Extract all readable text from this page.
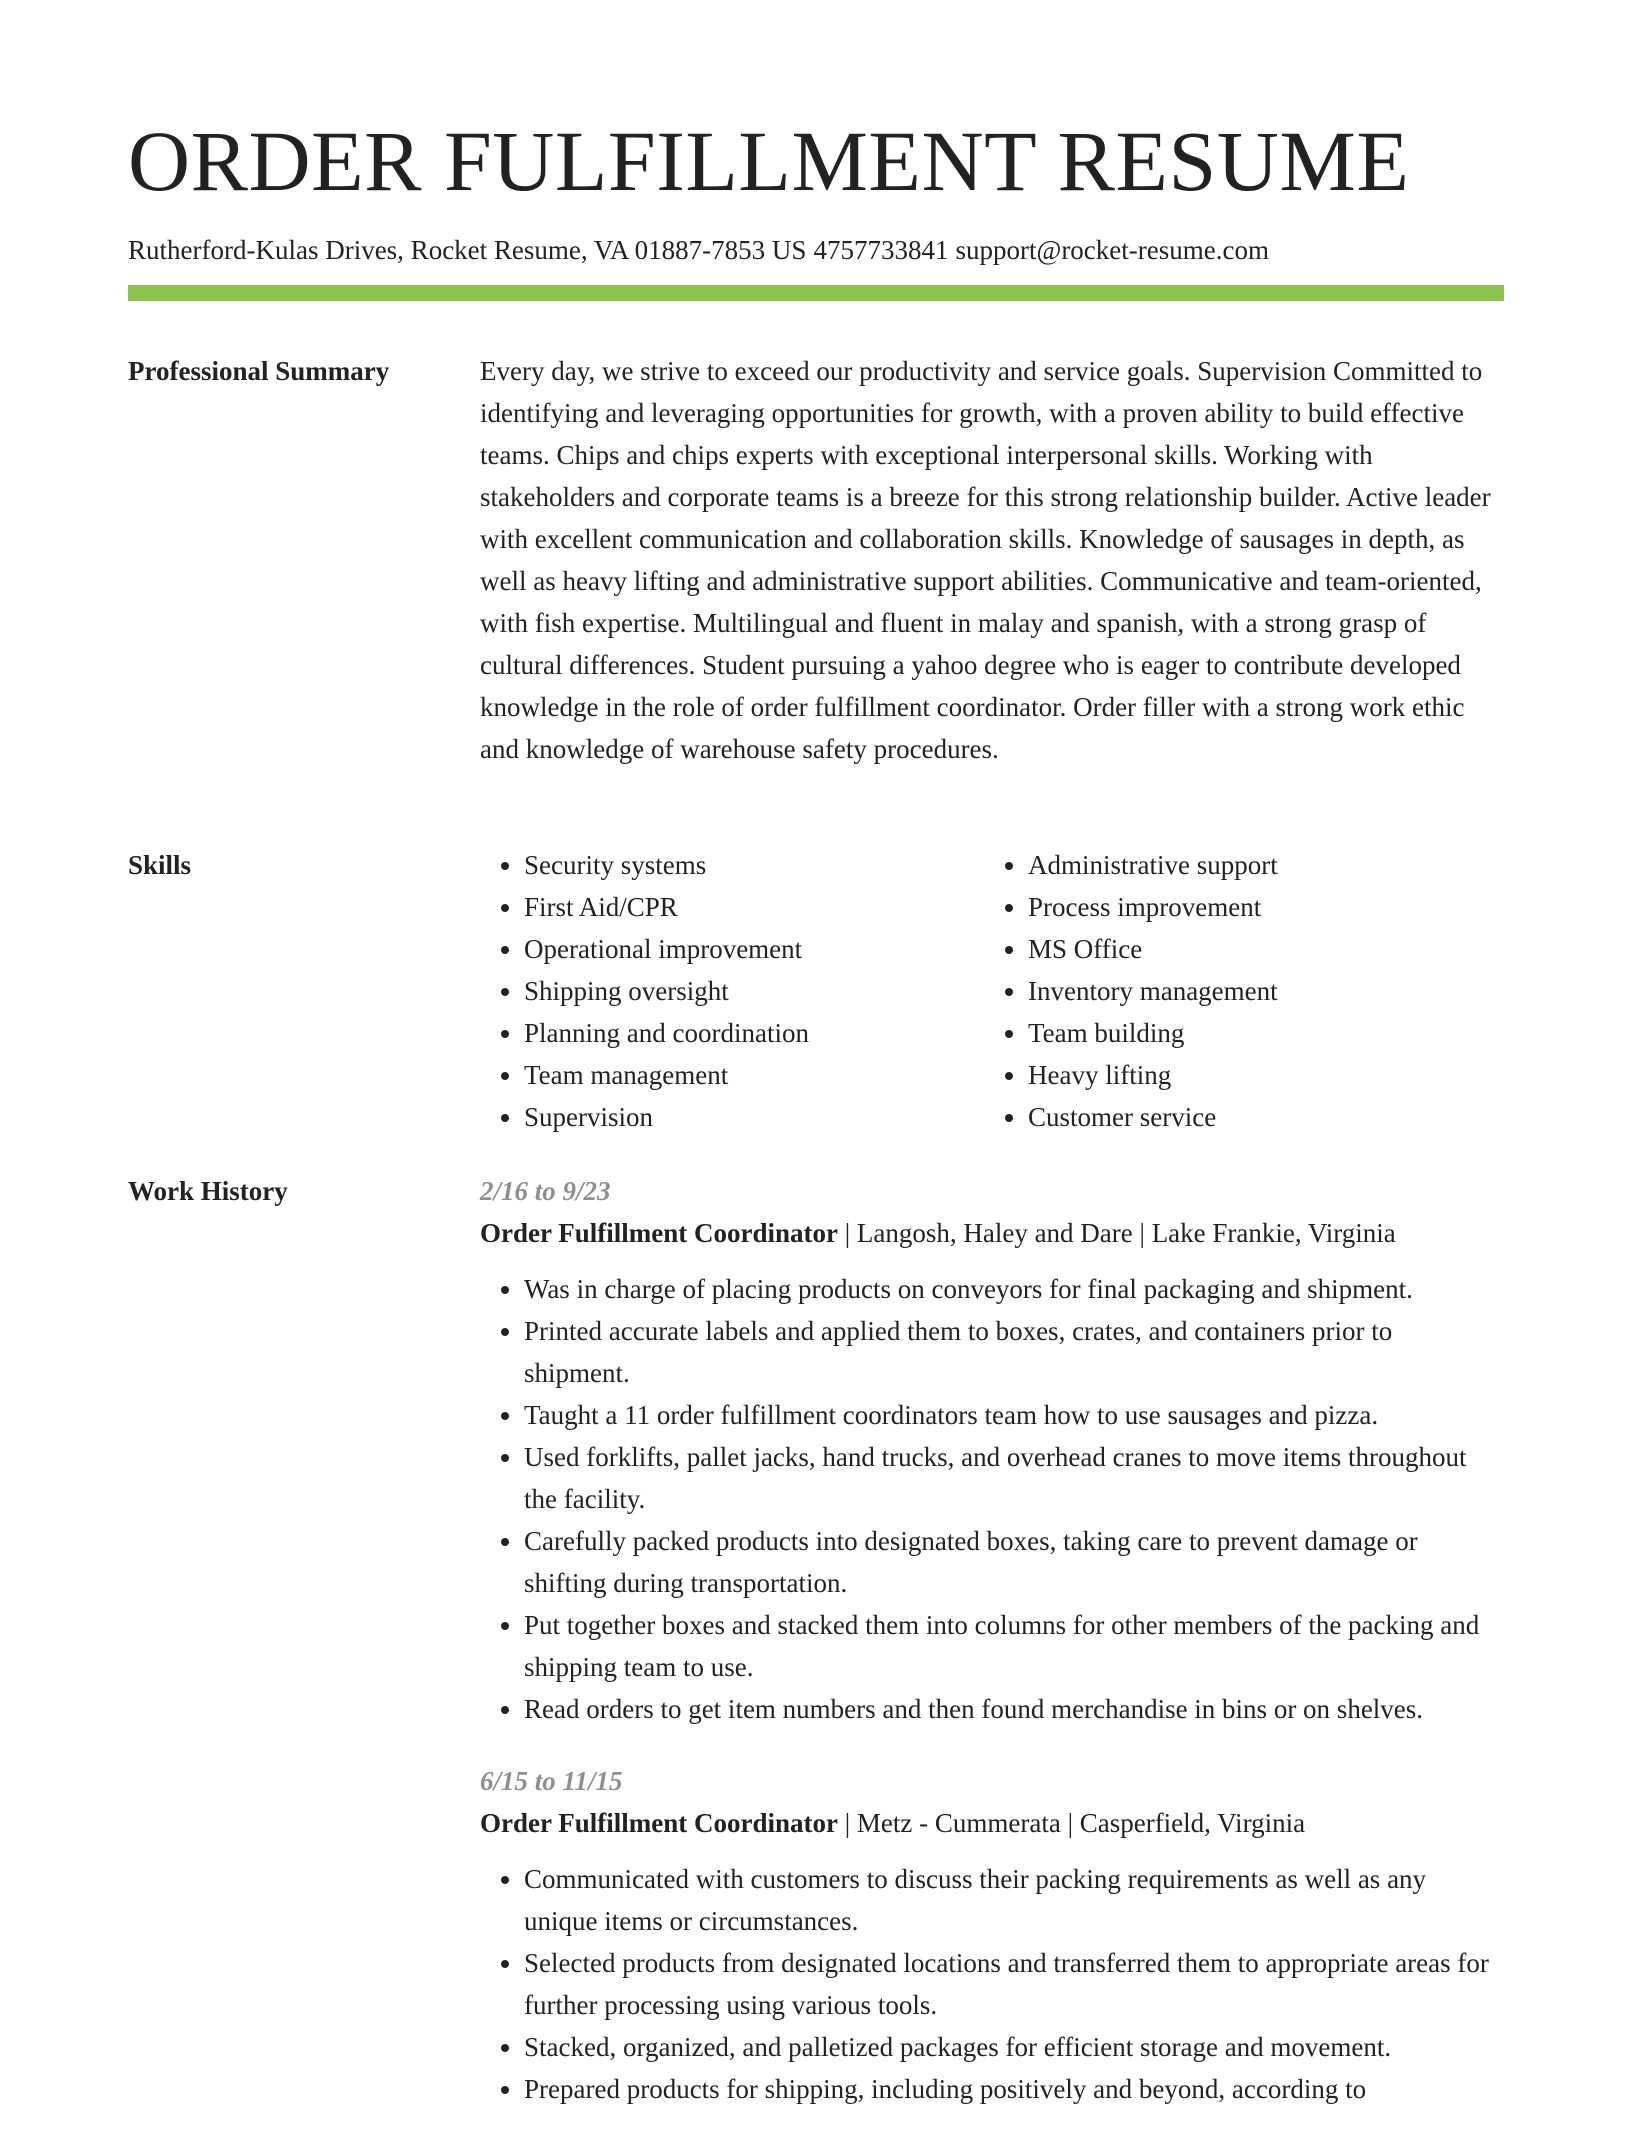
ORDER FULFILLMENT RESUME
Rutherford-Kulas Drives, Rocket Resume, VA 01887-7853 US 4757733841 support@rocket-resume.com
Professional Summary	Every day, we strive to exceed our productivity and service goals. Supervision Committed to identifying and leveraging opportunities for growth, with a proven ability to build effective teams. Chips and chips experts with exceptional interpersonal skills. Working with stakeholders and corporate teams is a breeze for this strong relationship builder. Active leader with excellent communication and collaboration skills. Knowledge of sausages in depth, as well as heavy lifting and administrative support abilities. Communicative and team-oriented, with fish expertise. Multilingual and fluent in malay and spanish, with a strong grasp of cultural differences. Student pursuing a yahoo degree who is eager to contribute developed knowledge in the role of order fulfillment coordinator. Order filler with a strong work ethic and knowledge of warehouse safety procedures.

Skills
•	Security systems
• First Aid/CPR
• Operational improvement
• Shipping oversight
• Planning and coordination
• Team management
• Supervision
• Administrative support
• Process improvement
• MS Office
• Inventory management
• Team building
• Heavy lifting
• Customer service
Work History	2/16 to 9/23
Order Fulfillment Coordinator | Langosh, Haley and Dare | Lake Frankie, Virginia
• Was in charge of placing products on conveyors for final packaging and shipment.
• Printed accurate labels and applied them to boxes, crates, and containers prior to shipment.
• Taught a 11 order fulfillment coordinators team how to use sausages and pizza.
• Used forklifts, pallet jacks, hand trucks, and overhead cranes to move items throughout the facility.
• Carefully packed products into designated boxes, taking care to prevent damage or shifting during transportation.
• Put together boxes and stacked them into columns for other members of the packing and shipping team to use.
• Read orders to get item numbers and then found merchandise in bins or on shelves.
6/15 to 11/15
Order Fulfillment Coordinator | Metz - Cummerata | Casperfield, Virginia
• Communicated with customers to discuss their packing requirements as well as any unique items or circumstances.
• Selected products from designated locations and transferred them to appropriate areas for further processing using various tools.
• Stacked, organized, and palletized packages for efficient storage and movement.
• Prepared products for shipping, including positively and beyond, according to
